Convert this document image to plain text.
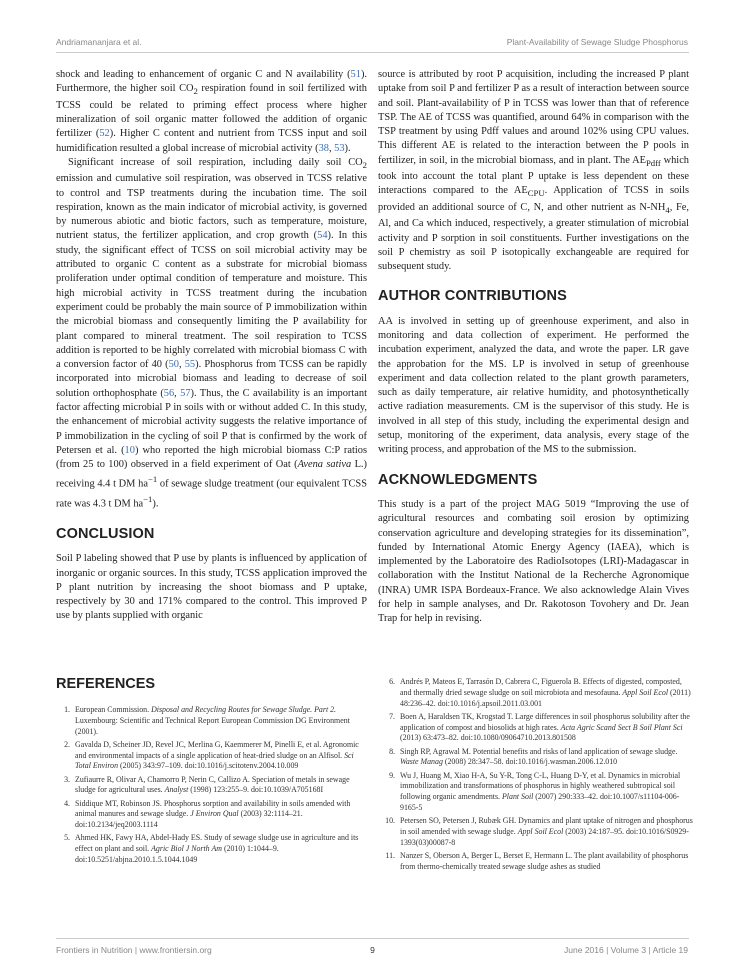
Andriamananjara et al.	Plant-Availability of Sewage Sludge Phosphorus

shock and leading to enhancement of organic C and N availability (51). Furthermore, the higher soil $CO_2$ respiration found in soil fertilized with TCSS could be related to priming effect process where higher mineralization of soil organic matter followed the addition of organic fertilizer (52). Higher C content and nutrient from TCSS input and soil humidification resulted a global increase of microbial activity (38, 53).

Significant increase of soil respiration, including daily soil $CO_2$ emission and cumulative soil respiration, was observed in TCSS relative to control and TSP treatments during the incubation time. The soil respiration, known as the main indicator of microbial activity, is governed by numerous abiotic and biotic factors, such as temperature, moisture, nutrient status, the fertilizer application, and crop growth (54). In this study, the significant effect of TCSS on soil microbial activity may be attributed to organic C content as a substrate for microbial biomass proliferation under optimal condition of temperature and moisture. This high microbial activity in TCSS treatment during the incubation experiment could be probably the main source of P immobilization within the microbial biomass and consequently limiting the P availability for plant compared to mineral treatment. The soil respiration to TCSS addition is reported to be highly correlated with microbial biomass C with a conversion factor of 40 (50, 55). Phosphorus from TCSS can be rapidly incorporated into microbial biomass and leading to decrease of soil solution orthophosphate (56, 57). Thus, the C availability is an important factor affecting microbial P in soils with or without added C. In this study, the enhancement of microbial activity suggests the relative importance of P immobilization in the cycling of soil P that is confirmed by the work of Petersen et al. (10) who reported the high microbial biomass C:P ratios (from 25 to 100) observed in a field experiment of Oat (Avena sativa L.) receiving 4.4 t DM $ha^{-1}$ of sewage sludge treatment (our equivalent TCSS rate was 4.3 t DM $ha^{-1}$).

CONCLUSION

Soil P labeling showed that P use by plants is influenced by application of inorganic or organic sources. In this study, TCSS application improved the P plant nutrition by increasing the shoot biomass and P uptake, respectively by 30 and 171% compared to the control. This improved P use by plants supplied with organic

source is attributed by root P acquisition, including the increased P plant uptake from soil P and fertilizer P as a result of interaction between source and soil. Plant-availability of P in TCSS was lower than that of reference TSP. The AE of TCSS was quantified, around 64% in comparison with the TSP treatment by using Pdff values and around 102% using CPU values. This different AE is related to the interaction between the P pools in fertilizer, in soil, in the microbial biomass, and in plant. The $AE_{Pdff}$ which took into account the total plant P uptake is less dependent on these interactions compared to the $AE_{CPU}$. Application of TCSS in soils provided an additional source of C, N, and other nutrient as $N-NH_4$, Fe, Al, and Ca which induced, respectively, a greater stimulation of microbial activity and P sorption in soil constituents. Further investigations on the soil P chemistry as soil P isotopically exchangeable are required for subsequent study.

AUTHOR CONTRIBUTIONS

AA is involved in setting up of greenhouse experiment, and also in monitoring and data collection of experiment. He performed the incubation experiment, analyzed the data, and wrote the paper. LR gave the approbation for the MS. LP is involved in setup of greenhouse experiment and data collection related to the plant growth parameters, such as daily temperature, air relative humidity, and photosynthetically active radiation measurements. CM is the supervisor of this study. He is involved in all step of this study, including the experimental design and setup, monitoring of the experiment, data analysis, every stage of the writing process, and approbation of the MS to the submission.

ACKNOWLEDGMENTS

This study is a part of the project MAG 5019 “Improving the use of agricultural resources and combating soil erosion by optimizing conservation agriculture and developing strategies for its dissemination”, funded by International Atomic Energy Agency (IAEA), which is implemented by the Laboratoire des RadioIsotopes (LRI)-Madagascar in collaboration with the Institut National de la Recherche Agronomique (INRA) UMR ISPA Bordeaux-France. We also acknowledge Alain Vives for help in sample analyses, and Dr. Rakotoson Tovohery and Dr. Jean Trap for help in revising.

REFERENCES
1. European Commission. Disposal and Recycling Routes for Sewage Sludge. Part 2. Luxembourg: Scientific and Technical Report European Commission DG Environment (2001).
2. Gavalda D, Scheiner JD, Revel JC, Merlina G, Kaemmerer M, Pinelli E, et al. Agronomic and environmental impacts of a single application of heat-dried sludge on an Alfisol. Sci Total Environ (2005) 343:97–109. doi:10.1016/j.scitotenv.2004.10.009
3. Zufiaurre R, Olivar A, Chamorro P, Nerin C, Callizo A. Speciation of metals in sewage sludge for agricultural uses. Analyst (1998) 123:255–9. doi:10.1039/A705168I
4. Siddique MT, Robinson JS. Phosphorus sorption and availability in soils amended with animal manures and sewage sludge. J Environ Qual (2003) 32:1114–21. doi:10.2134/jeq2003.1114
5. Ahmed HK, Fawy HA, Abdel-Hady ES. Study of sewage sludge use in agriculture and its effect on plant and soil. Agric Biol J North Am (2010) 1:1044–9. doi:10.5251/abjna.2010.1.5.1044.1049
6. Andrés P, Mateos E, Tarrasón D, Cabrera C, Figuerola B. Effects of digested, composted, and thermally dried sewage sludge on soil microbiota and mesofauna. Appl Soil Ecol (2011) 48:236–42. doi:10.1016/j.apsoil.2011.03.001
7. Boen A, Haraldsen TK, Krogstad T. Large differences in soil phosphorus solubility after the application of compost and biosolids at high rates. Acta Agric Scand Sect B Soil Plant Sci (2013) 63:473–82. doi:10.1080/09064710.2013.801508
8. Singh RP, Agrawal M. Potential benefits and risks of land application of sewage sludge. Waste Manag (2008) 28:347–58. doi:10.1016/j.wasman.2006.12.010
9. Wu J, Huang M, Xiao H-A, Su Y-R, Tong C-L, Huang D-Y, et al. Dynamics in microbial immobilization and transformations of phosphorus in highly weathered subtropical soil following organic amendments. Plant Soil (2007) 290:333–42. doi:10.1007/s11104-006-9165-5
10. Petersen SO, Petersen J, Rubæk GH. Dynamics and plant uptake of nitrogen and phosphorus in soil amended with sewage sludge. Appl Soil Ecol (2003) 24:187–95. doi:10.1016/S0929-1393(03)00087-8
11. Nanzer S, Oberson A, Berger L, Berset E, Hermann L. The plant availability of phosphorus from thermo-chemically treated sewage sludge ashes as studied
Frontiers in Nutrition | www.frontiersin.org	9	June 2016 | Volume 3 | Article 19
